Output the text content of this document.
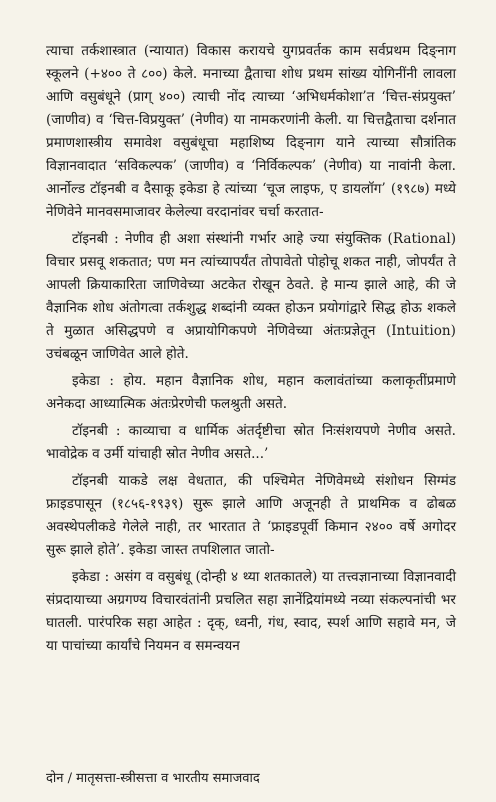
त्याचा तर्कशास्त्रात (न्यायात) विकास करायचे युगप्रवर्तक काम सर्वप्रथम दिङ्नाग स्कूलने (+४०० ते ८००) केले. मनाच्या द्वैताचा शोध प्रथम सांख्य योगिनींनी लावला आणि वसुबंधूने (प्राग् ४००) त्याची नोंद त्याच्या ‘अभिधर्मकोशा’त ‘चित्त-संप्रयुक्त’ (जाणीव) व ‘चित्त-विप्रयुक्त’ (नेणीव) या नामकरणांनी केली. या चित्तद्वैताचा दर्शनात प्रमाणशास्त्रीय समावेश वसुबंधूचा महाशिष्य दिङ्नाग याने त्याच्या सौत्रांतिक विज्ञानवादात ‘सविकल्पक’ (जाणीव) व ‘निर्विकल्पक’ (नेणीव) या नावांनी केला. आर्नोल्ड टॉइनबी व दैसाकू इकेडा हे त्यांच्या ‘चूज लाइफ, ए डायलॉग’ (१९८७) मध्ये नेणिवेने मानवसमाजावर केलेल्या वरदानांवर चर्चा करतात-

टॉइनबी : नेणीव ही अशा संस्थांनी गर्भार आहे ज्या संयुक्तिक (Rational) विचार प्रसवू शकतात; पण मन त्यांच्यापर्यंत तोपावेतो पोहोचू शकत नाही, जोपर्यंत ते आपली क्रियाकारिता जाणिवेच्या अटकेत रोखून ठेवते. हे मान्य झाले आहे, की जे वैज्ञानिक शोध अंतोगत्वा तर्कशुद्ध शब्दांनी व्यक्त होऊन प्रयोगांद्वारे सिद्ध होऊ शकले ते मुळात असिद्धपणे व अप्रायोगिकपणे नेणिवेच्या अंतःप्रज्ञेतून (Intuition) उचंबळून जाणिवेत आले होते.

इकेडा : होय. महान वैज्ञानिक शोध, महान कलावंतांच्या कलाकृतींप्रमाणे अनेकदा आध्यात्मिक अंतःप्रेरणेची फलश्रुती असते.

टॉइनबी : काव्याचा व धार्मिक अंतर्दृष्टीचा स्रोत निःसंशयपणे नेणीव असते. भावोद्रेक व उर्मी यांचाही स्रोत नेणीव असते...’

टॉइनबी याकडे लक्ष वेधतात, की पश्चिमेत नेणिवेमध्ये संशोधन सिग्मंड फ्राइडपासून (१८५६-१९३९) सुरू झाले आणि अजूनही ते प्राथमिक व ढोबळ अवस्थेपलीकडे गेलेले नाही, तर भारतात ते ‘फ्राइडपूर्वी किमान २४०० वर्षे अगोदर सुरू झाले होते’. इकेडा जास्त तपशिलात जातो-

इकेडा : असंग व वसुबंधू (दोन्ही ४ थ्या शतकातले) या तत्त्वज्ञानाच्या विज्ञानवादी संप्रदायाच्या अग्रगण्य विचारवंतांनी प्रचलित सहा ज्ञानेंद्रियांमध्ये नव्या संकल्पनांची भर घातली. पारंपरिक सहा आहेत : दृक्, ध्वनी, गंध, स्वाद, स्पर्श आणि सहावे मन, जे या पाचांच्या कार्यांचे नियमन व समन्वयन

दोन / मातृसत्ता-स्त्रीसत्ता व भारतीय समाजवाद
